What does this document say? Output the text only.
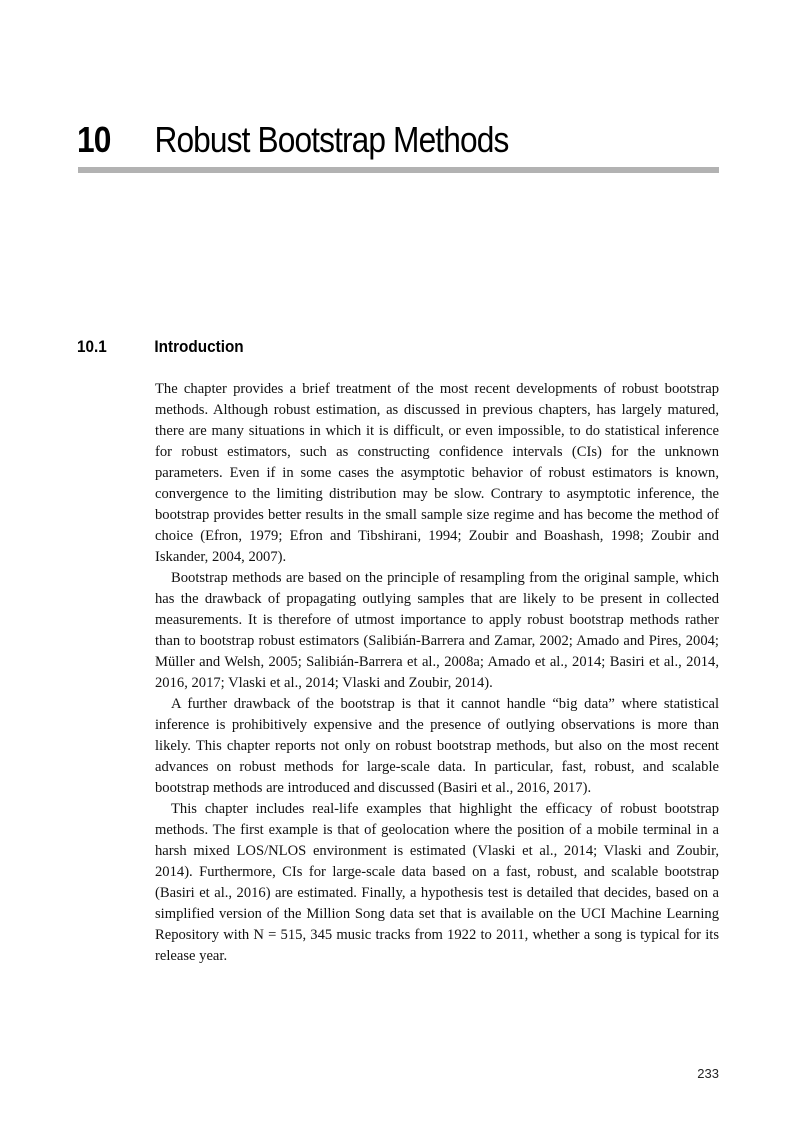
10 Robust Bootstrap Methods
10.1	Introduction

The chapter provides a brief treatment of the most recent developments of robust bootstrap methods. Although robust estimation, as discussed in previous chapters, has largely matured, there are many situations in which it is difficult, or even impossible, to do statistical inference for robust estimators, such as constructing confidence intervals (CIs) for the unknown parameters. Even if in some cases the asymptotic behavior of robust estimators is known, convergence to the limiting distribution may be slow. Contrary to asymptotic inference, the bootstrap provides better results in the small sample size regime and has become the method of choice (Efron, 1979; Efron and Tibshirani, 1994; Zoubir and Boashash, 1998; Zoubir and Iskander, 2004, 2007).

Bootstrap methods are based on the principle of resampling from the original sample, which has the drawback of propagating outlying samples that are likely to be present in collected measurements. It is therefore of utmost importance to apply robust bootstrap methods rather than to bootstrap robust estimators (Salibián-Barrera and Zamar, 2002; Amado and Pires, 2004; Müller and Welsh, 2005; Salibián-Barrera et al., 2008a; Amado et al., 2014; Basiri et al., 2014, 2016, 2017; Vlaski et al., 2014; Vlaski and Zoubir, 2014).

A further drawback of the bootstrap is that it cannot handle “big data” where statistical inference is prohibitively expensive and the presence of outlying observations is more than likely. This chapter reports not only on robust bootstrap methods, but also on the most recent advances on robust methods for large-scale data. In particular, fast, robust, and scalable bootstrap methods are introduced and discussed (Basiri et al., 2016, 2017).

This chapter includes real-life examples that highlight the efficacy of robust bootstrap methods. The first example is that of geolocation where the position of a mobile terminal in a harsh mixed LOS/NLOS environment is estimated (Vlaski et al., 2014; Vlaski and Zoubir, 2014). Furthermore, CIs for large-scale data based on a fast, robust, and scalable bootstrap (Basiri et al., 2016) are estimated. Finally, a hypothesis test is detailed that decides, based on a simplified version of the Million Song data set that is available on the UCI Machine Learning Repository with N = 515, 345 music tracks from 1922 to 2011, whether a song is typical for its release year.

233
